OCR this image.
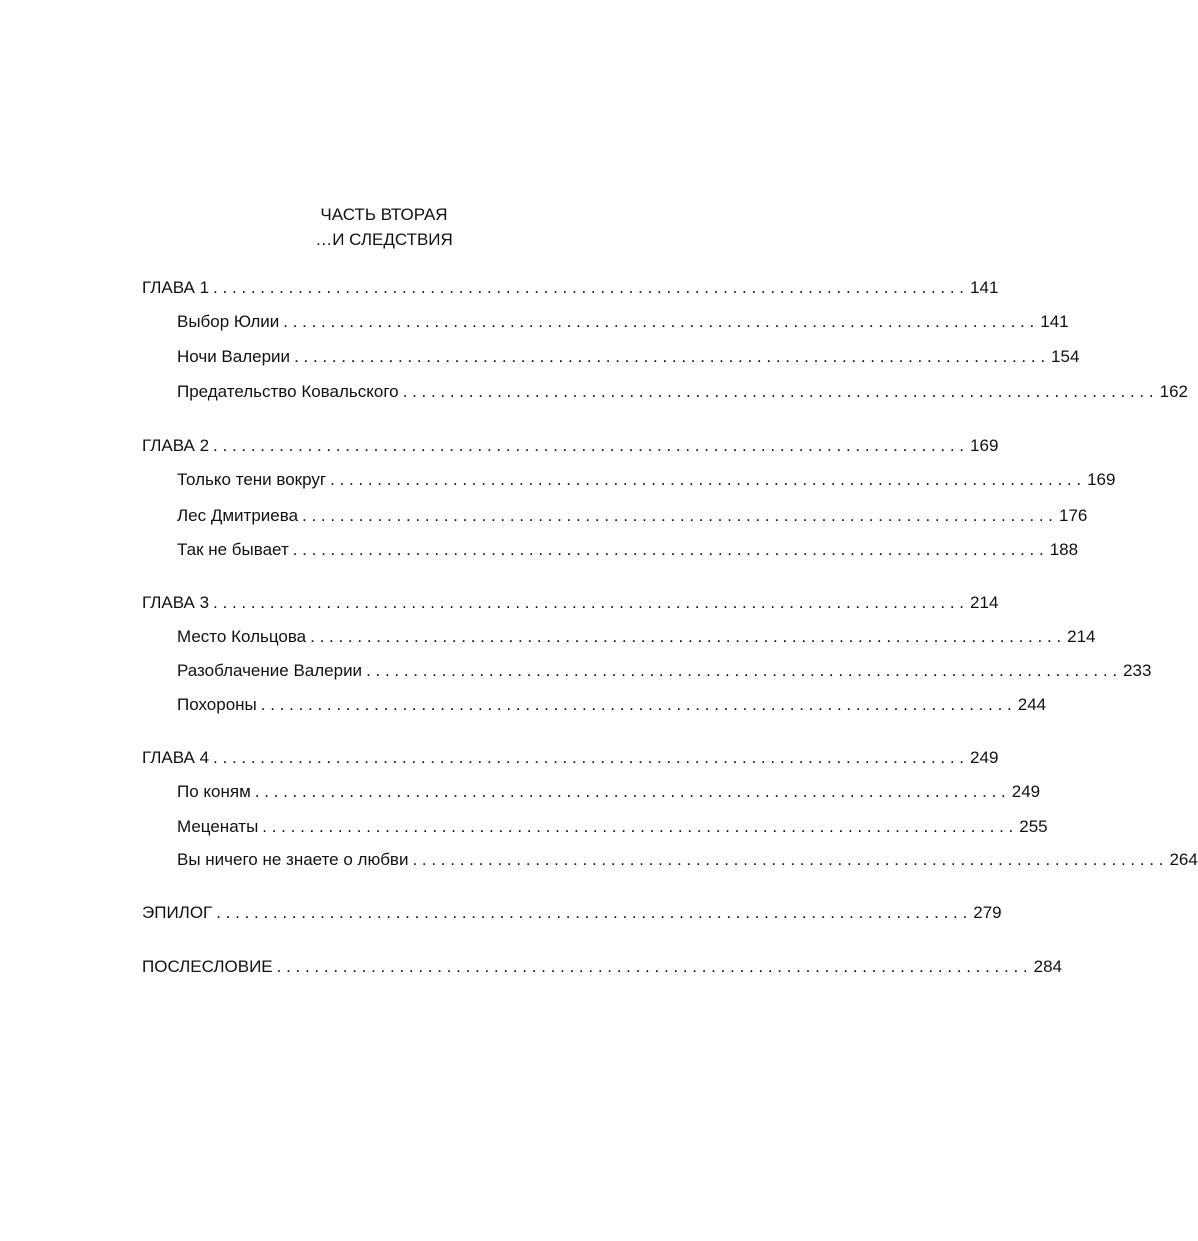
ЧАСТЬ ВТОРАЯ
…И СЛЕДСТВИЯ
ГЛАВА 1 . . . . . . . . . . . . . . . . . . . . . . . . . . . . . . . . . . . . . . . . . . . . . . . . . . . . . . . . . . . . . . . . . . . . . . . . . . . . . . . . 141
Выбор Юлии . . . . . . . . . . . . . . . . . . . . . . . . . . . . . . . . . . . . . . . . . . . . . . . . . . . . . . . . . . . . . . . . . . . . . . . . . . . . . . . . 141
Ночи Валерии . . . . . . . . . . . . . . . . . . . . . . . . . . . . . . . . . . . . . . . . . . . . . . . . . . . . . . . . . . . . . . . . . . . . . . . . . . . . . . . . 154
Предательство Ковальского . . . . . . . . . . . . . . . . . . . . . . . . . . . . . . . . . . . . . . . . . . . . . . . . . . . . . . . . . . . . . . . . . . . . . . . . . . . . . . . . 162
ГЛАВА 2 . . . . . . . . . . . . . . . . . . . . . . . . . . . . . . . . . . . . . . . . . . . . . . . . . . . . . . . . . . . . . . . . . . . . . . . . . . . . . . . . 169
Только тени вокруг . . . . . . . . . . . . . . . . . . . . . . . . . . . . . . . . . . . . . . . . . . . . . . . . . . . . . . . . . . . . . . . . . . . . . . . . . . . . . . . . 169
Лес Дмитриева . . . . . . . . . . . . . . . . . . . . . . . . . . . . . . . . . . . . . . . . . . . . . . . . . . . . . . . . . . . . . . . . . . . . . . . . . . . . . . . . 176
Так не бывает . . . . . . . . . . . . . . . . . . . . . . . . . . . . . . . . . . . . . . . . . . . . . . . . . . . . . . . . . . . . . . . . . . . . . . . . . . . . . . . . 188
ГЛАВА 3 . . . . . . . . . . . . . . . . . . . . . . . . . . . . . . . . . . . . . . . . . . . . . . . . . . . . . . . . . . . . . . . . . . . . . . . . . . . . . . . . 214
Место Кольцова . . . . . . . . . . . . . . . . . . . . . . . . . . . . . . . . . . . . . . . . . . . . . . . . . . . . . . . . . . . . . . . . . . . . . . . . . . . . . . . . 214
Разоблачение Валерии . . . . . . . . . . . . . . . . . . . . . . . . . . . . . . . . . . . . . . . . . . . . . . . . . . . . . . . . . . . . . . . . . . . . . . . . . . . . . . . . 233
Похороны . . . . . . . . . . . . . . . . . . . . . . . . . . . . . . . . . . . . . . . . . . . . . . . . . . . . . . . . . . . . . . . . . . . . . . . . . . . . . . . . 244
ГЛАВА 4 . . . . . . . . . . . . . . . . . . . . . . . . . . . . . . . . . . . . . . . . . . . . . . . . . . . . . . . . . . . . . . . . . . . . . . . . . . . . . . . . 249
По коням . . . . . . . . . . . . . . . . . . . . . . . . . . . . . . . . . . . . . . . . . . . . . . . . . . . . . . . . . . . . . . . . . . . . . . . . . . . . . . . . 249
Меценаты . . . . . . . . . . . . . . . . . . . . . . . . . . . . . . . . . . . . . . . . . . . . . . . . . . . . . . . . . . . . . . . . . . . . . . . . . . . . . . . . 255
Вы ничего не знаете о любви . . . . . . . . . . . . . . . . . . . . . . . . . . . . . . . . . . . . . . . . . . . . . . . . . . . . . . . . . . . . . . . . . . . . . . . . . . . . . . . . 264
ЭПИЛОГ . . . . . . . . . . . . . . . . . . . . . . . . . . . . . . . . . . . . . . . . . . . . . . . . . . . . . . . . . . . . . . . . . . . . . . . . . . . . . . . . 279
ПОСЛЕСЛОВИЕ . . . . . . . . . . . . . . . . . . . . . . . . . . . . . . . . . . . . . . . . . . . . . . . . . . . . . . . . . . . . . . . . . . . . . . . . . . . . . . . . 284
